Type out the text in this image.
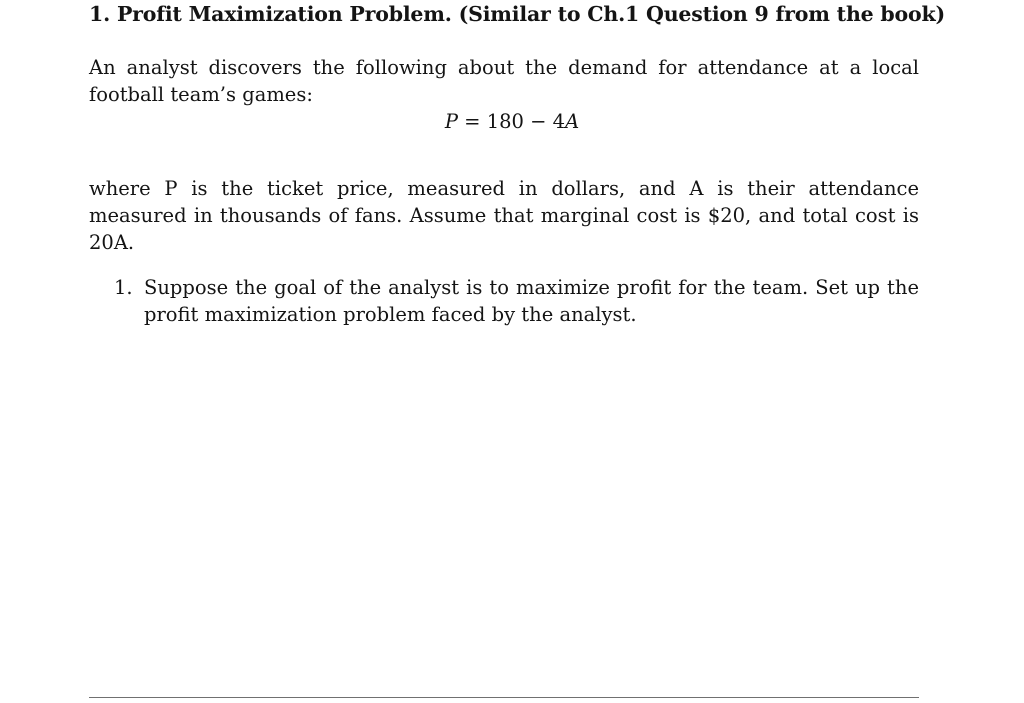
1. Profit Maximization Problem. (Similar to Ch.1 Question 9 from the book)
An analyst discovers the following about the demand for attendance at a local football team’s games:
P = 180 − 4A
where P is the ticket price, measured in dollars, and A is their attendance measured in thousands of fans. Assume that marginal cost is $20, and total cost is 20A.
1. Suppose the goal of the analyst is to maximize profit for the team. Set up the profit maximization problem faced by the analyst.
